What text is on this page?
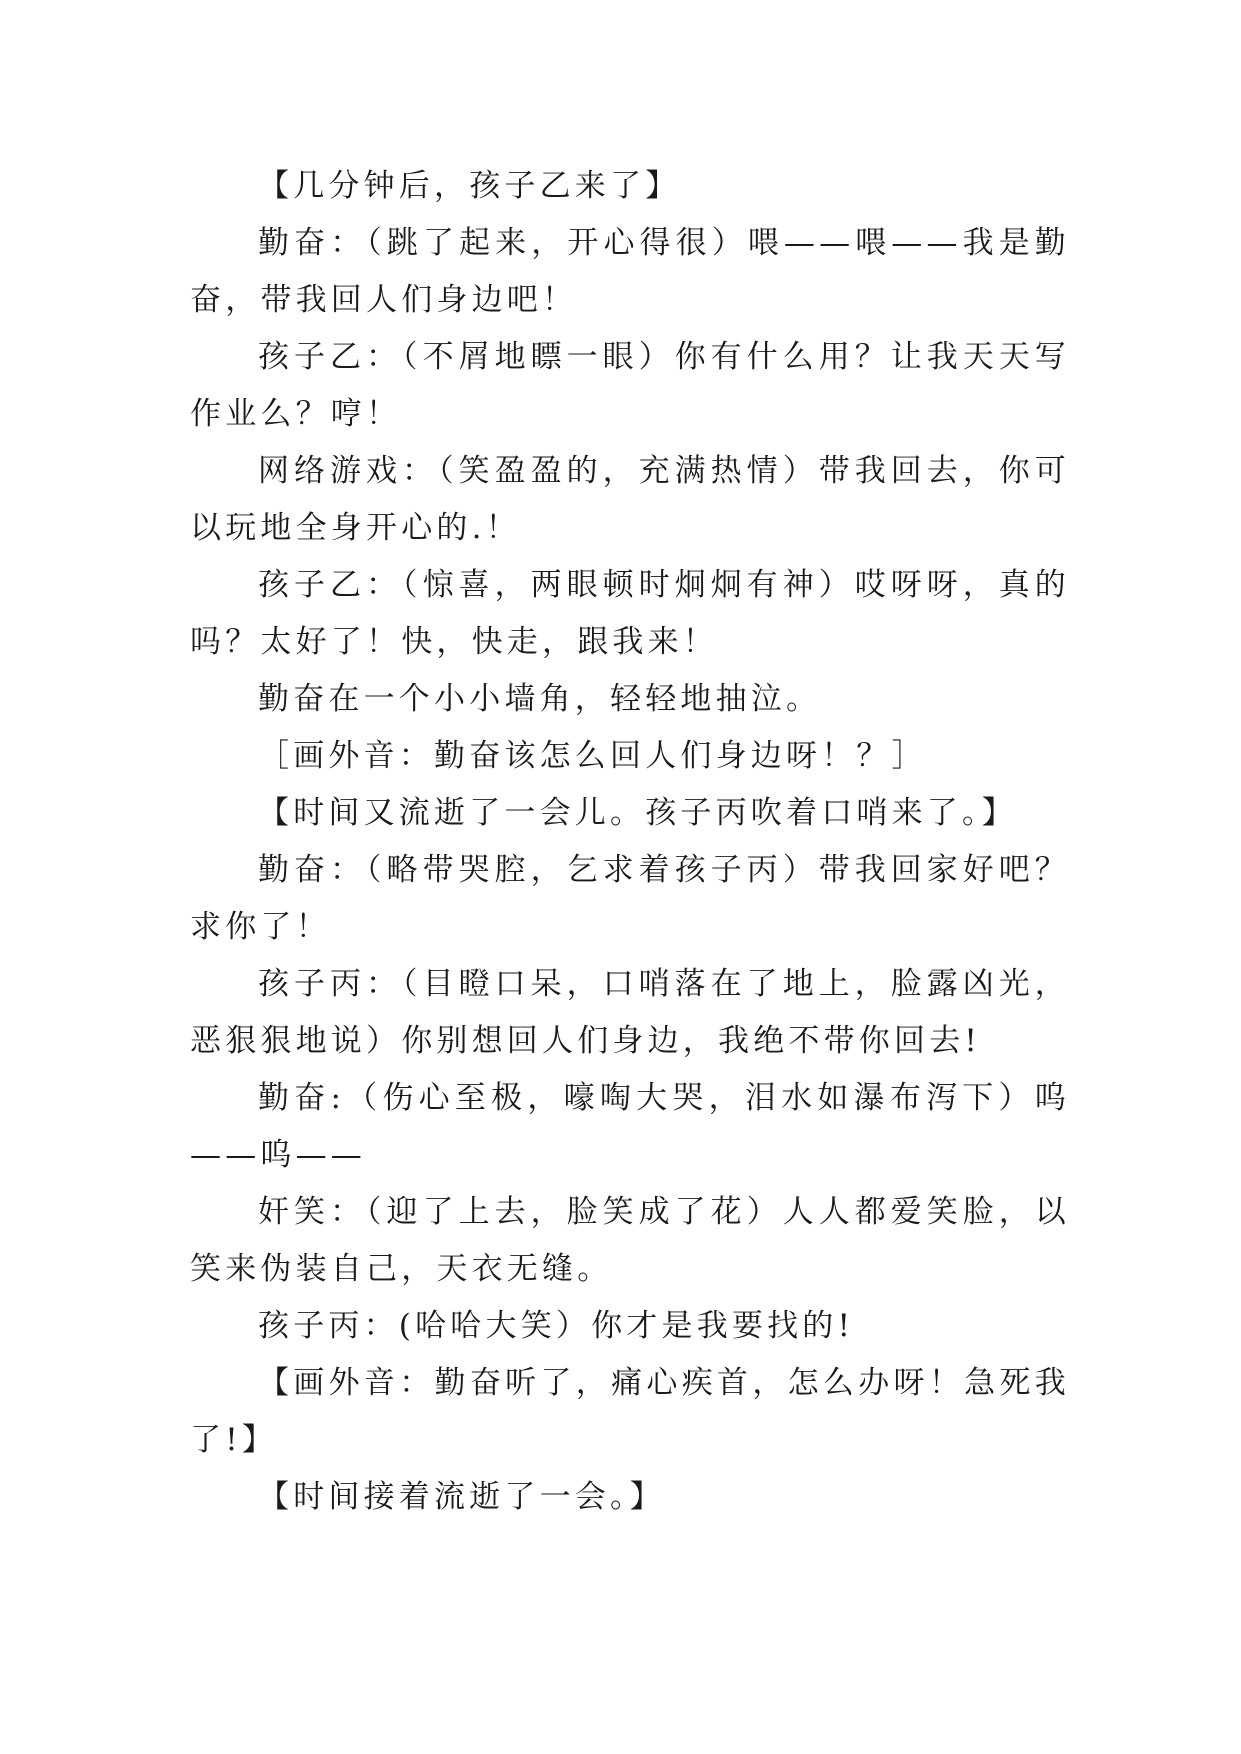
【几分钟后，孩子乙来了】

勤奋：（跳了起来，开心得很）喂——喂——我是勤奋，带我回人们身边吧！

孩子乙：（不屑地瞟一眼）你有什么用？让我天天写作业么？哼！

网络游戏：（笑盈盈的，充满热情）带我回去，你可以玩地全身开心的.！

孩子乙：（惊喜，两眼顿时炯炯有神）哎呀呀，真的吗？太好了！快，快走，跟我来！

勤奋在一个小小墙角，轻轻地抽泣。

［画外音：勤奋该怎么回人们身边呀！？］

【时间又流逝了一会儿。孩子丙吹着口哨来了。】

勤奋：（略带哭腔，乞求着孩子丙）带我回家好吧？求你了！

孩子丙：（目瞪口呆，口哨落在了地上，脸露凶光，恶狠狠地说）你别想回人们身边，我绝不带你回去!

勤奋:（伤心至极，嚎啕大哭，泪水如瀑布泻下）呜——呜——

奸笑：（迎了上去，脸笑成了花）人人都爱笑脸，以笑来伪装自己，天衣无缝。

孩子丙：(哈哈大笑）你才是我要找的!

【画外音：勤奋听了，痛心疾首，怎么办呀！急死我了!】

【时间接着流逝了一会。】
